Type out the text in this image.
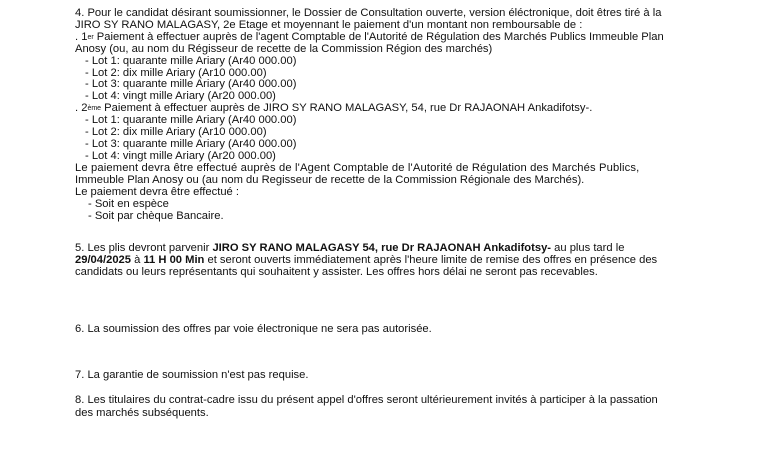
4. Pour le candidat désirant soumissionner, le Dossier de Consultation ouverte, version éléctronique, doit êtres tiré à la
JIRO SY RANO MALAGASY, 2e Etage et moyennant le paiement d'un montant non remboursable de :
. 1er Paiement à effectuer auprès de l'agent Comptable de l'Autorité de Régulation des Marchés Publics Immeuble Plan
Anosy (ou, au nom du Régisseur de recette de la Commission Région des marchés)
- Lot 1: quarante mille Ariary (Ar40 000.00)
- Lot 2: dix mille Ariary (Ar10 000.00)
- Lot 3: quarante mille Ariary (Ar40 000.00)
- Lot 4: vingt mille Ariary (Ar20 000.00)
. 2ème Paiement à effectuer auprès de JIRO SY RANO MALAGASY, 54, rue Dr RAJAONAH Ankadifotsy-.
- Lot 1: quarante mille Ariary (Ar40 000.00)
- Lot 2: dix mille Ariary (Ar10 000.00)
- Lot 3: quarante mille Ariary (Ar40 000.00)
- Lot 4: vingt mille Ariary (Ar20 000.00)
Le paiement devra être effectué auprès de l'Agent Comptable de l'Autorité de Régulation des Marchés Publics,
Immeuble Plan Anosy ou (au nom du Regisseur de recette de la Commission Régionale des Marchés).
Le paiement devra être effectué :
- Soit en espèce
- Soit par chèque Bancaire.
5. Les plis devront parvenir JIRO SY RANO MALAGASY 54, rue Dr RAJAONAH Ankadifotsy- au plus tard le
29/04/2025 à 11 H 00 Min et seront ouverts immédiatement après l'heure limite de remise des offres en présence des
candidats ou leurs représentants qui souhaitent y assister. Les offres hors délai ne seront pas recevables.
6. La soumission des offres par voie électronique ne sera pas autorisée.
7. La garantie de soumission n'est pas requise.
8. Les titulaires du contrat-cadre issu du présent appel d'offres seront ultérieurement invités à participer à la passation
des marchés subséquents.
